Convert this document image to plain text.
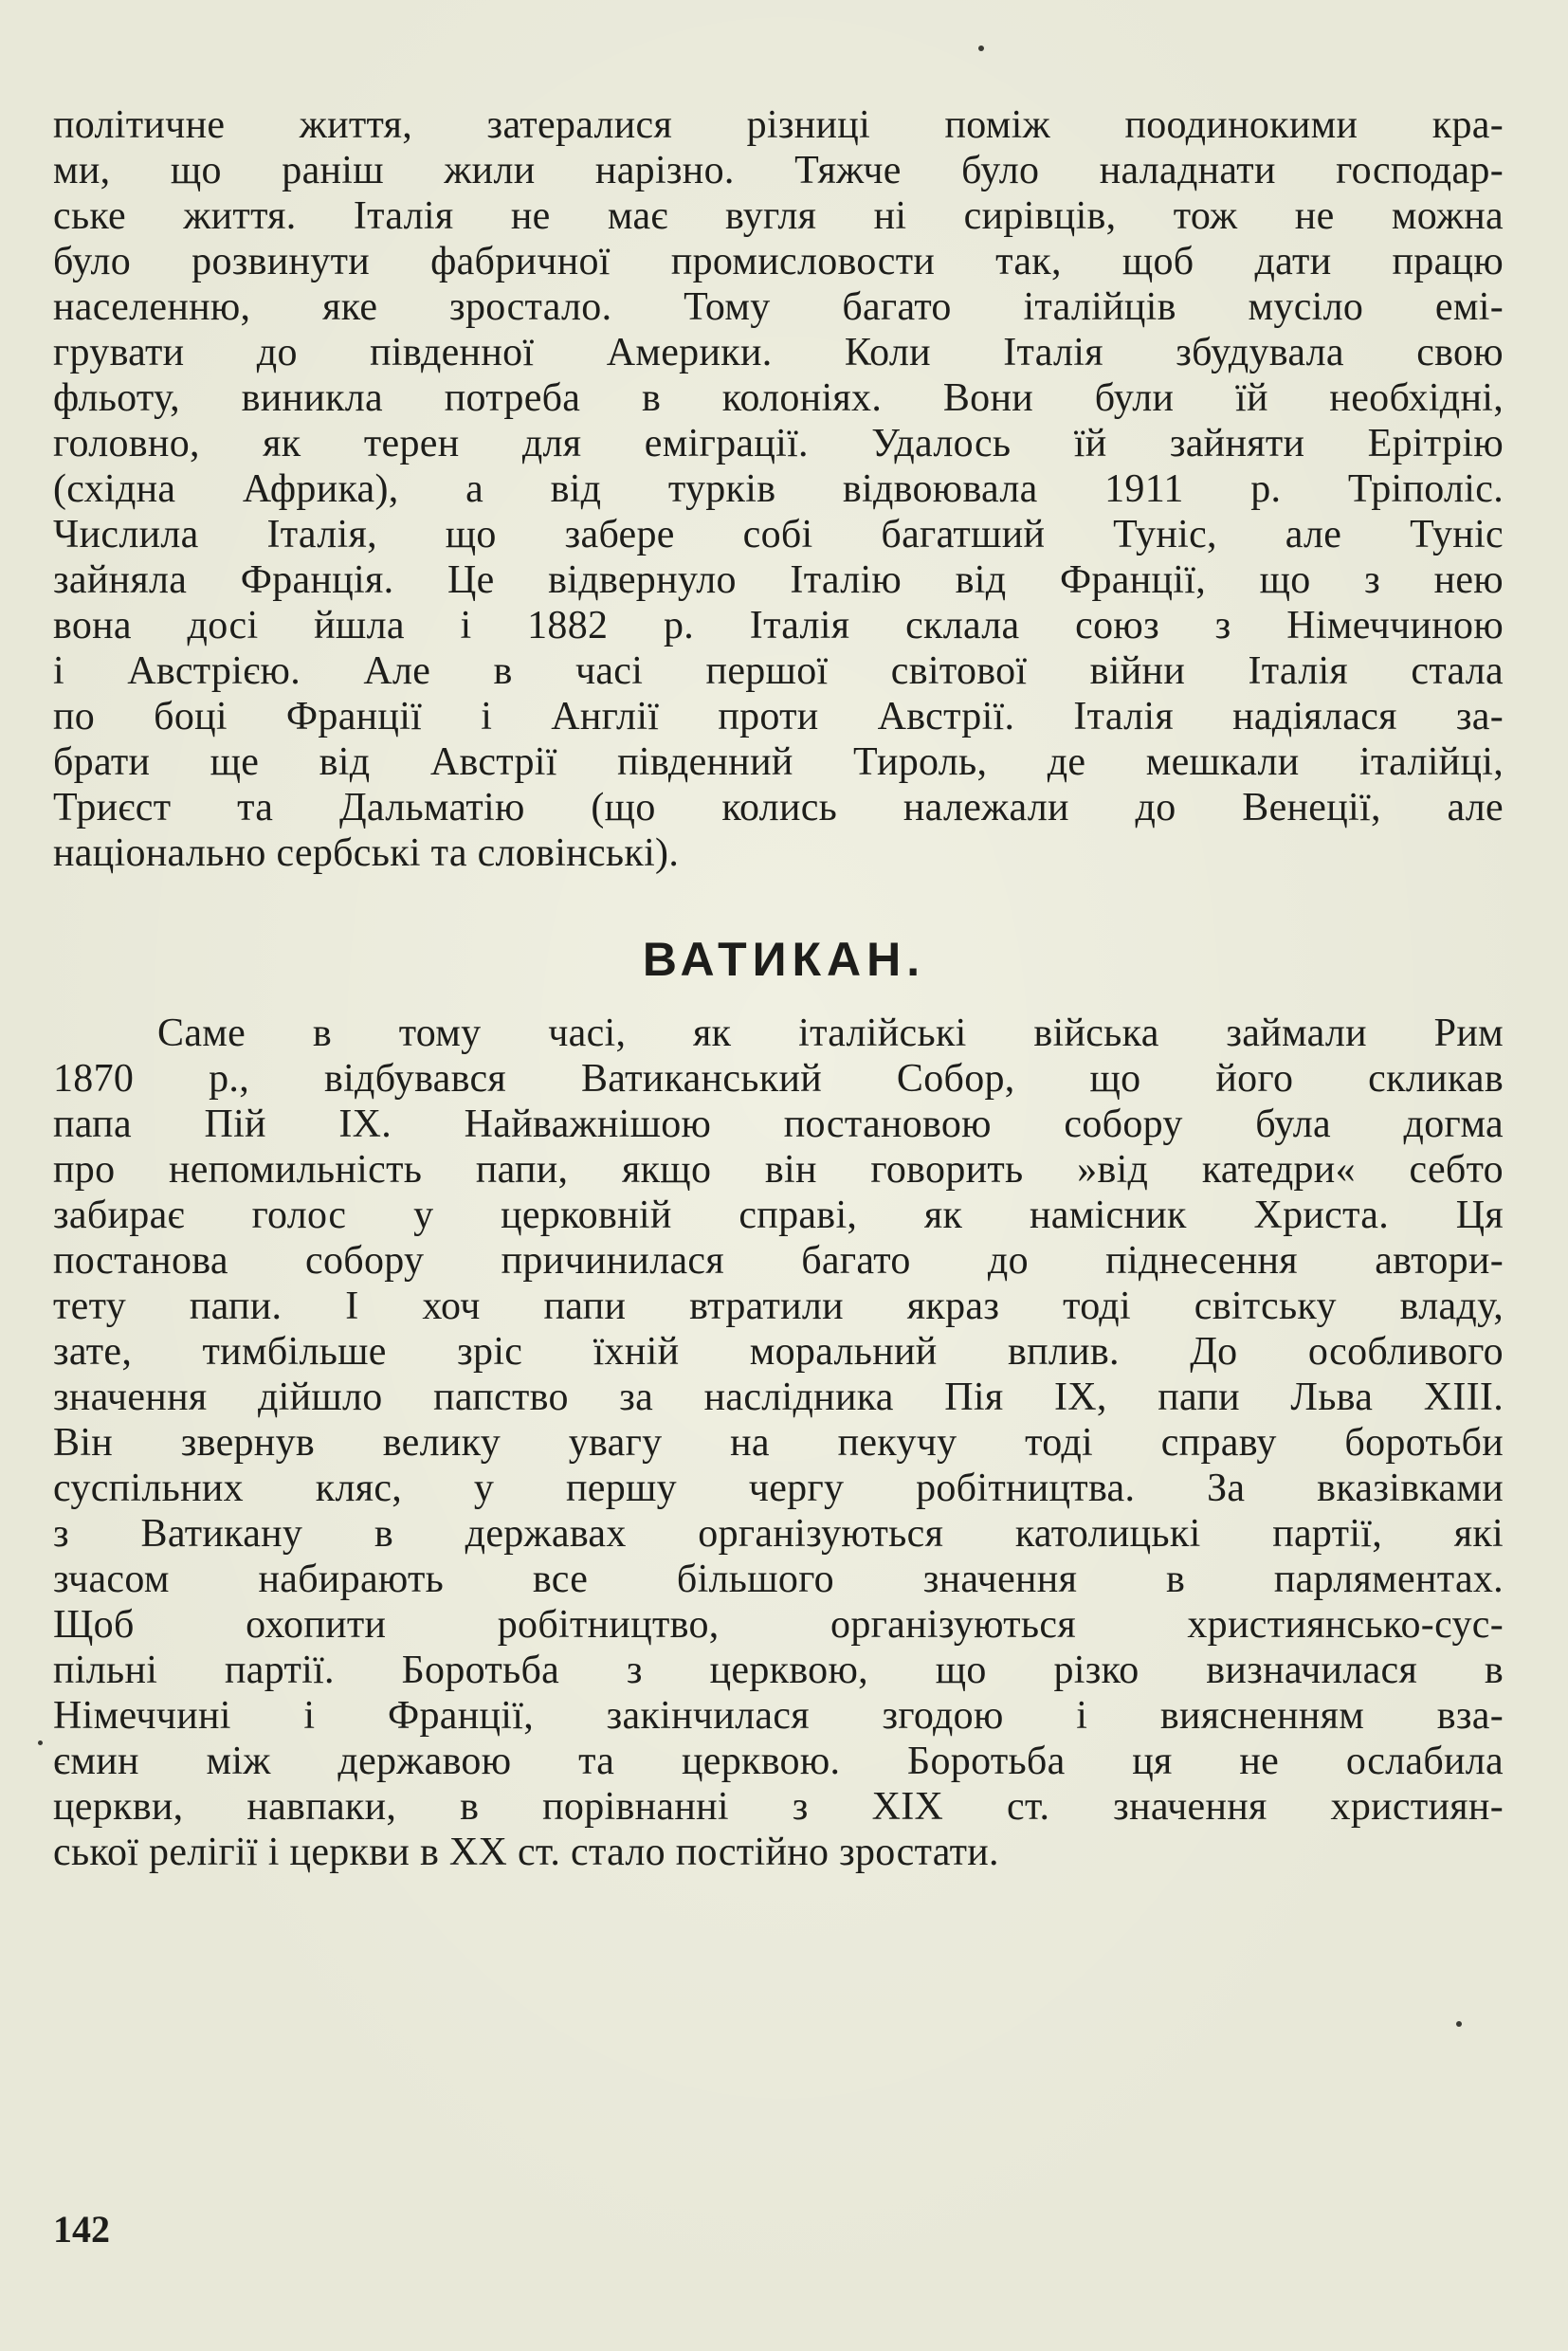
політичне життя, затералися різниці поміж поодинокими кра-
ми, що раніш жили нарізно. Тяжче було наладнати господар-
ське життя. Італія не має вугля ні сирівців, тож не можна
було розвинути фабричної промисловости так, щоб дати працю
населенню, яке зростало. Тому багато італійців мусіло емі-
грувати до південної Америки. Коли Італія збудувала свою
фльоту, виникла потреба в колоніях. Вони були їй необхідні,
головно, як терен для еміграції. Удалось їй зайняти Ерітрію
(східна Африка), а від турків відвоювала 1911 р. Тріполіс.
Числила Італія, що забере собі багатший Туніс, але Туніс
зайняла Франція. Це відвернуло Італію від Франції, що з нею
вона досі йшла і 1882 р. Італія склала союз з Німеччиною
і Австрією. Але в часі першої світової війни Італія стала
по боці Франції і Англії проти Австрії. Італія надіялася за-
брати ще від Австрії південний Тироль, де мешкали італійці,
Триєст та Дальматію (що колись належали до Венеції, але
національно сербські та словінські).
ВАТИКАН.
Саме в тому часі, як італійські війська займали Рим
1870 р., відбувався Ватиканський Собор, що його скликав
папа Пій IX. Найважнішою постановою собору була догма
про непомильність папи, якщо він говорить »від катедри« себто
забирає голос у церковній справі, як намісник Христа. Ця
постанова собору причинилася багато до піднесення автори-
тету папи. І хоч папи втратили якраз тоді світську владу,
зате, тимбільше зріс їхній моральний вплив. До особливого
значення дійшло папство за наслідника Пія IX, папи Льва XIII.
Він звернув велику увагу на пекучу тоді справу боротьби
суспільних кляс, у першу чергу робітництва. За вказівками
з Ватикану в державах організуються католицькі партії, які
зчасом набирають все більшого значення в парляментах.
Щоб охопити робітництво, організуються християнсько-сус-
пільні партії. Боротьба з церквою, що різко визначилася в
Німеччині і Франції, закінчилася згодою і виясненням вза-
ємин між державою та церквою. Боротьба ця не ослабила
церкви, навпаки, в порівнанні з XIX ст. значення християн-
ської релігії і церкви в XX ст. стало постійно зростати.
142
